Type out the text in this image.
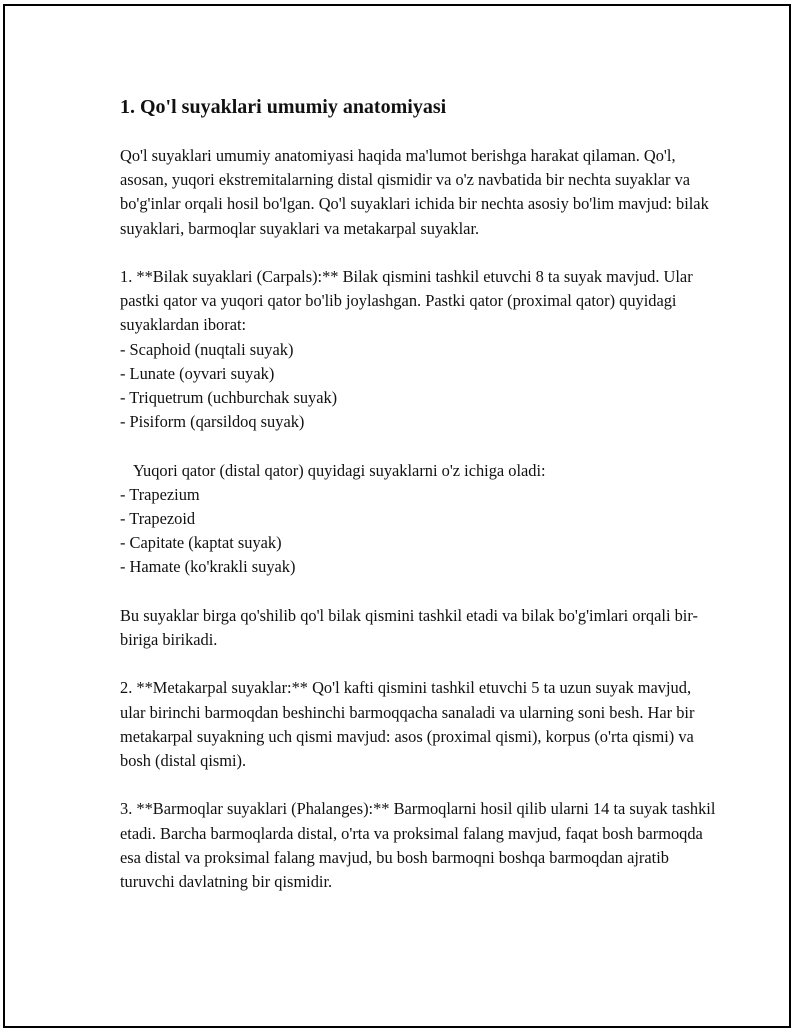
1. Qo'l suyaklari umumiy anatomiyasi

Qo'l suyaklari umumiy anatomiyasi haqida ma'lumot berishga harakat qilaman. Qo'l, asosan, yuqori ekstremitalarning distal qismidir va o'z navbatida bir nechta suyaklar va bo'g'inlar orqali hosil bo'lgan. Qo'l suyaklari ichida bir nechta asosiy bo'lim mavjud: bilak suyaklari, barmoqlar suyaklari va metakarpal suyaklar.

1. **Bilak suyaklari (Carpals):** Bilak qismini tashkil etuvchi 8 ta suyak mavjud. Ular pastki qator va yuqori qator bo'lib joylashgan. Pastki qator (proximal qator) quyidagi suyaklardan iborat:

- Scaphoid (nuqtali suyak)
- Lunate (oyvari suyak)
- Triquetrum (uchburchak suyak)
- Pisiform (qarsildoq suyak)

Yuqori qator (distal qator) quyidagi suyaklarni o'z ichiga oladi:

- Trapezium
- Trapezoid
- Capitate (kaptat suyak)
- Hamate (ko'krakli suyak)

Bu suyaklar birga qo'shilib qo'l bilak qismini tashkil etadi va bilak bo'g'imlari orqali bir-biriga birikadi.

2. **Metakarpal suyaklar:** Qo'l kafti qismini tashkil etuvchi 5 ta uzun suyak mavjud, ular birinchi barmoqdan beshinchi barmoqqacha sanaladi va ularning soni besh. Har bir metakarpal suyakning uch qismi mavjud: asos (proximal qismi), korpus (o'rta qismi) va bosh (distal qismi).

3. **Barmoqlar suyaklari (Phalanges):** Barmoqlarni hosil qilib ularni 14 ta suyak tashkil etadi. Barcha barmoqlarda distal, o'rta va proksimal falang mavjud, faqat bosh barmoqda esa distal va proksimal falang mavjud, bu bosh barmoqni boshqa barmoqdan ajratib turuvchi davlatning bir qismidir.
